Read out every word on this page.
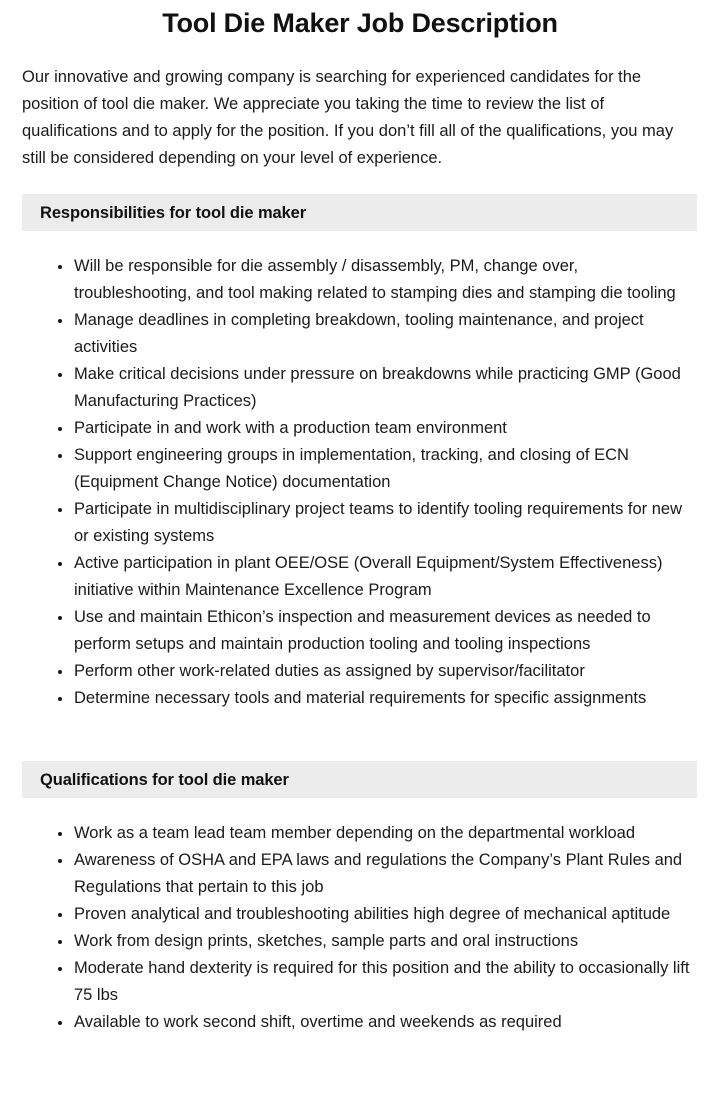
Tool Die Maker Job Description

Our innovative and growing company is searching for experienced candidates for the position of tool die maker. We appreciate you taking the time to review the list of qualifications and to apply for the position. If you don’t fill all of the qualifications, you may still be considered depending on your level of experience.

Responsibilities for tool die maker
Will be responsible for die assembly / disassembly, PM, change over, troubleshooting, and tool making related to stamping dies and stamping die tooling
Manage deadlines in completing breakdown, tooling maintenance, and project activities
Make critical decisions under pressure on breakdowns while practicing GMP (Good Manufacturing Practices)
Participate in and work with a production team environment
Support engineering groups in implementation, tracking, and closing of ECN (Equipment Change Notice) documentation
Participate in multidisciplinary project teams to identify tooling requirements for new or existing systems
Active participation in plant OEE/OSE (Overall Equipment/System Effectiveness) initiative within Maintenance Excellence Program
Use and maintain Ethicon’s inspection and measurement devices as needed to perform setups and maintain production tooling and tooling inspections
Perform other work-related duties as assigned by supervisor/facilitator
Determine necessary tools and material requirements for specific assignments
Qualifications for tool die maker
Work as a team lead team member depending on the departmental workload
Awareness of OSHA and EPA laws and regulations the Company’s Plant Rules and Regulations that pertain to this job
Proven analytical and troubleshooting abilities high degree of mechanical aptitude
Work from design prints, sketches, sample parts and oral instructions
Moderate hand dexterity is required for this position and the ability to occasionally lift 75 lbs
Available to work second shift, overtime and weekends as required
